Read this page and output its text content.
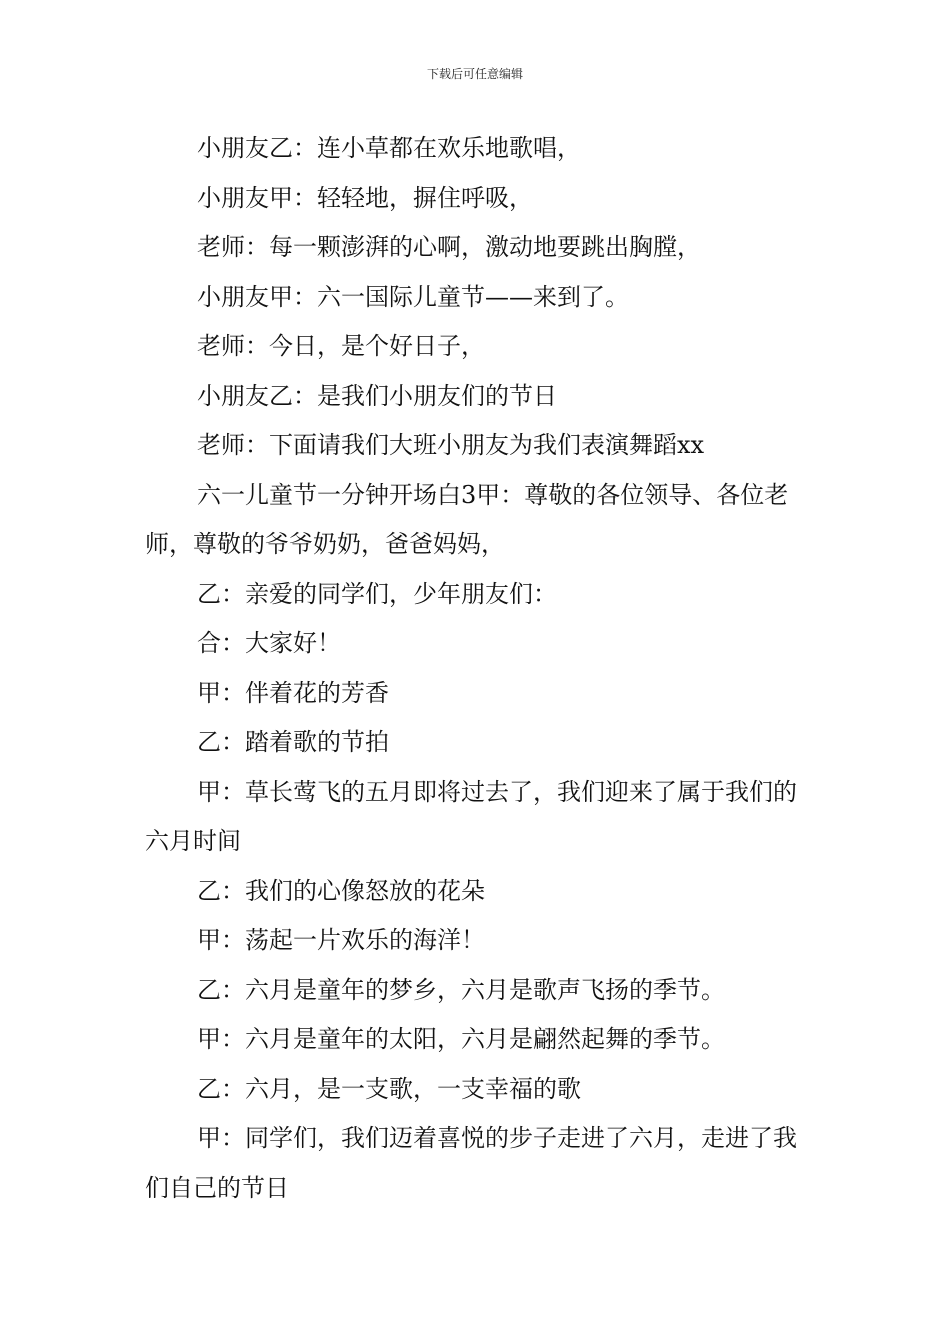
下载后可任意编辑

小朋友乙：连小草都在欢乐地歌唱，

小朋友甲：轻轻地，摒住呼吸，

老师：每一颗澎湃的心啊，激动地要跳出胸膛，

小朋友甲：六一国际儿童节——来到了。

老师：今日，是个好日子，

小朋友乙：是我们小朋友们的节日

老师：下面请我们大班小朋友为我们表演舞蹈xx

六一儿童节一分钟开场白3甲：尊敬的各位领导、各位老师，尊敬的爷爷奶奶，爸爸妈妈，

乙：亲爱的同学们，少年朋友们：

合：大家好！

甲：伴着花的芳香

乙：踏着歌的节拍

甲：草长莺飞的五月即将过去了，我们迎来了属于我们的六月时间

乙：我们的心像怒放的花朵

甲：荡起一片欢乐的海洋！

乙：六月是童年的梦乡，六月是歌声飞扬的季节。

甲：六月是童年的太阳，六月是翩然起舞的季节。

乙：六月，是一支歌，一支幸福的歌

甲：同学们，我们迈着喜悦的步子走进了六月，走进了我们自己的节日
